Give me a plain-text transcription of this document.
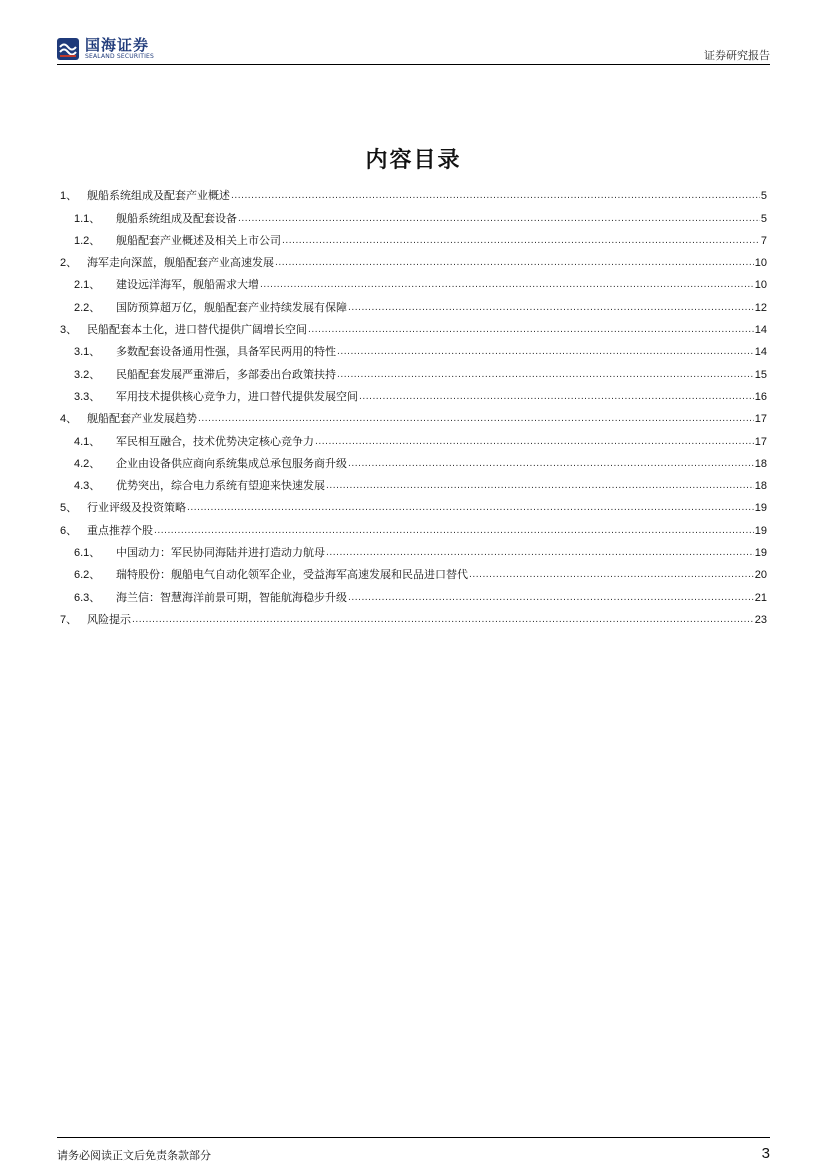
国海证券
SEALAND SECURITIES	证券研究报告
内容目录
1、 舰船系统组成及配套产业概述 .....	5
1.1、	舰船系统组成及配套设备 .....	5
1.2、	舰船配套产业概述及相关上市公司 .....	7
2、 海军走向深蓝，舰船配套产业高速发展 .....	10
2.1、	建设远洋海军，舰船需求大增 .....	10
2.2、	国防预算超万亿，舰船配套产业持续发展有保障 .....	12
3、 民船配套本土化，进口替代提供广阔增长空间 .....	14
3.1、	多数配套设备通用性强，具备军民两用的特性 .....	14
3.2、	民船配套发展严重滞后，多部委出台政策扶持 .....	15
3.3、	军用技术提供核心竞争力，进口替代提供发展空间 .....	16
4、 舰船配套产业发展趋势 .....	17
4.1、	军民相互融合，技术优势决定核心竞争力 .....	17
4.2、	企业由设备供应商向系统集成总承包服务商升级 .....	18
4.3、	优势突出，综合电力系统有望迎来快速发展 .....	18
5、 行业评级及投资策略 .....	19
6、 重点推荐个股 .....	19
6.1、	中国动力：军民协同海陆并进打造动力航母 .....	19
6.2、	瑞特股份：舰船电气自动化领军企业，受益海军高速发展和民品进口替代 .....	20
6.3、	海兰信：智慧海洋前景可期，智能航海稳步升级 .....	21
7、 风险提示 .....	23
请务必阅读正文后免责条款部分	3
